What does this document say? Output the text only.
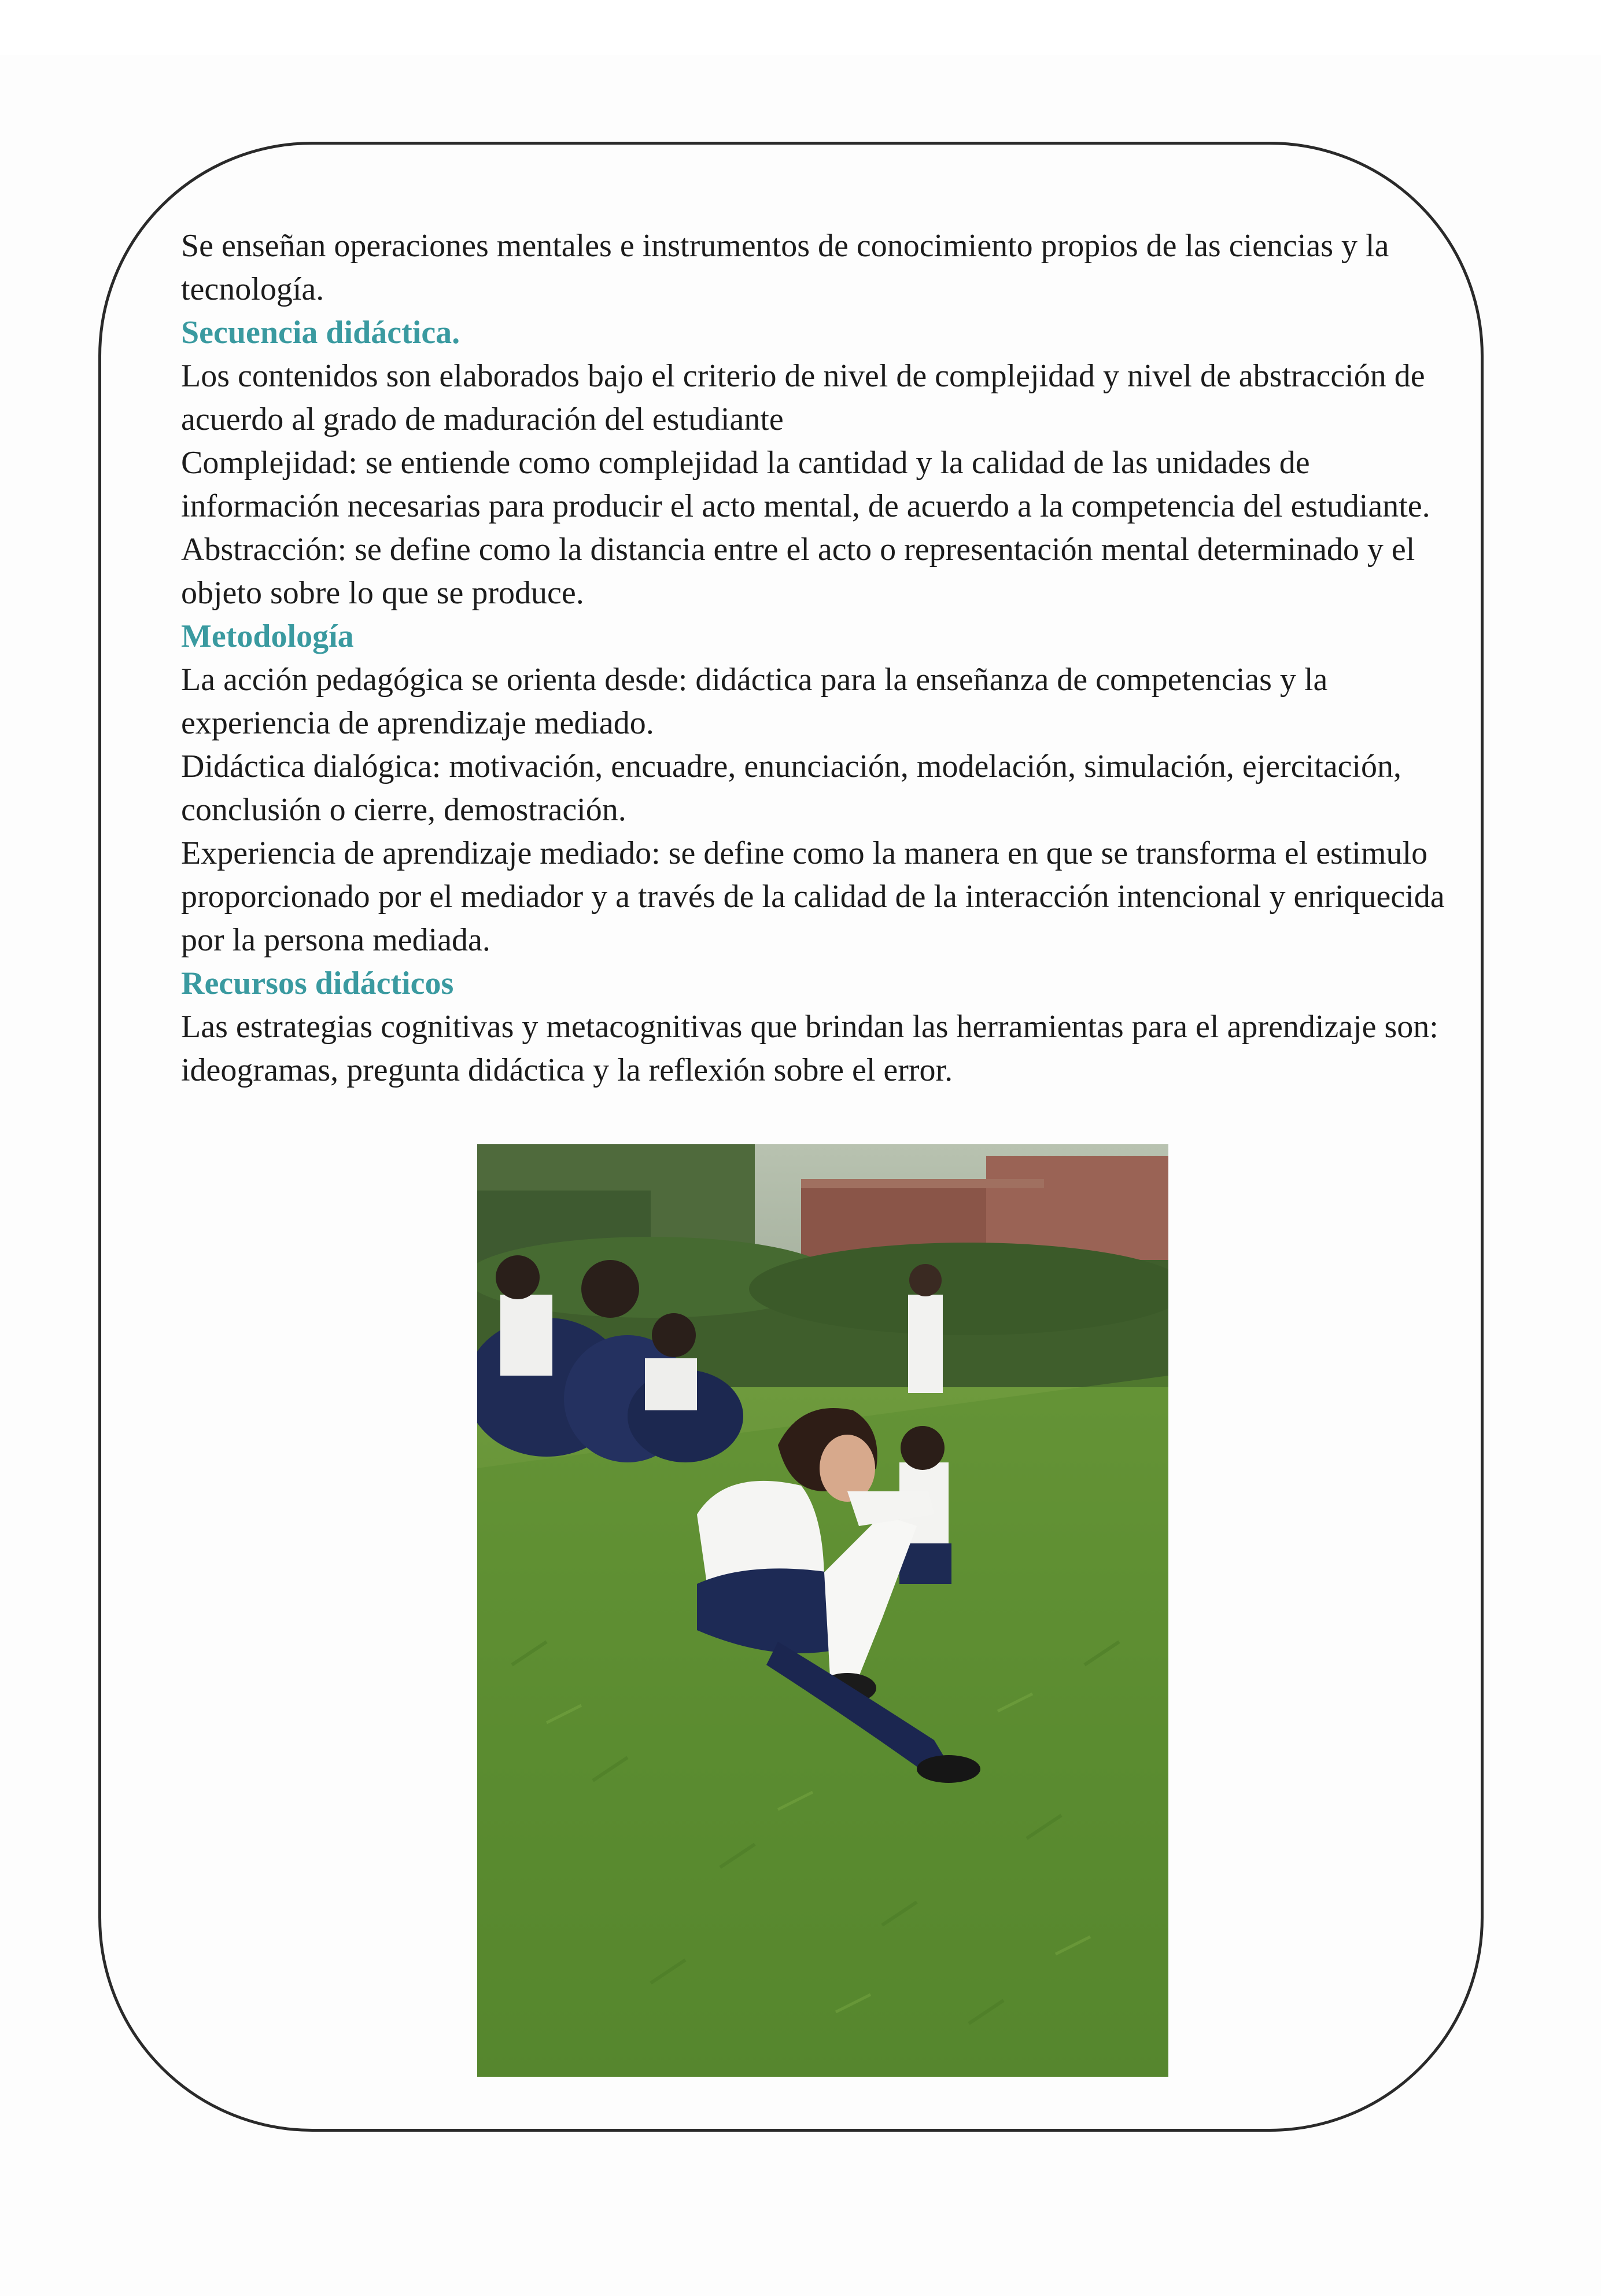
Se enseñan operaciones mentales e instrumentos de conocimiento propios de las ciencias y la tecnología.

Secuencia didáctica.

Los contenidos son elaborados bajo el criterio de nivel de complejidad y nivel de abstracción de acuerdo al grado de maduración del estudiante

Complejidad: se entiende como complejidad la cantidad y la calidad de las unidades de información necesarias para producir el acto mental, de acuerdo a la competencia del estudiante.

Abstracción: se define como la distancia entre el acto o representación mental determinado y el objeto sobre lo que se produce.

Metodología

La acción pedagógica se orienta desde: didáctica para la enseñanza de competencias y la experiencia de aprendizaje mediado.

Didáctica dialógica: motivación, encuadre, enunciación, modelación, simulación, ejercitación, conclusión o cierre, demostración.

Experiencia de aprendizaje mediado: se define como la manera en que se transforma el estimulo proporcionado por el mediador y a través de la calidad de la interacción intencional y enriquecida por la persona mediada.

Recursos didácticos

Las estrategias cognitivas y metacognitivas que brindan las herramientas para el aprendizaje son: ideogramas, pregunta didáctica y la reflexión sobre el error.
